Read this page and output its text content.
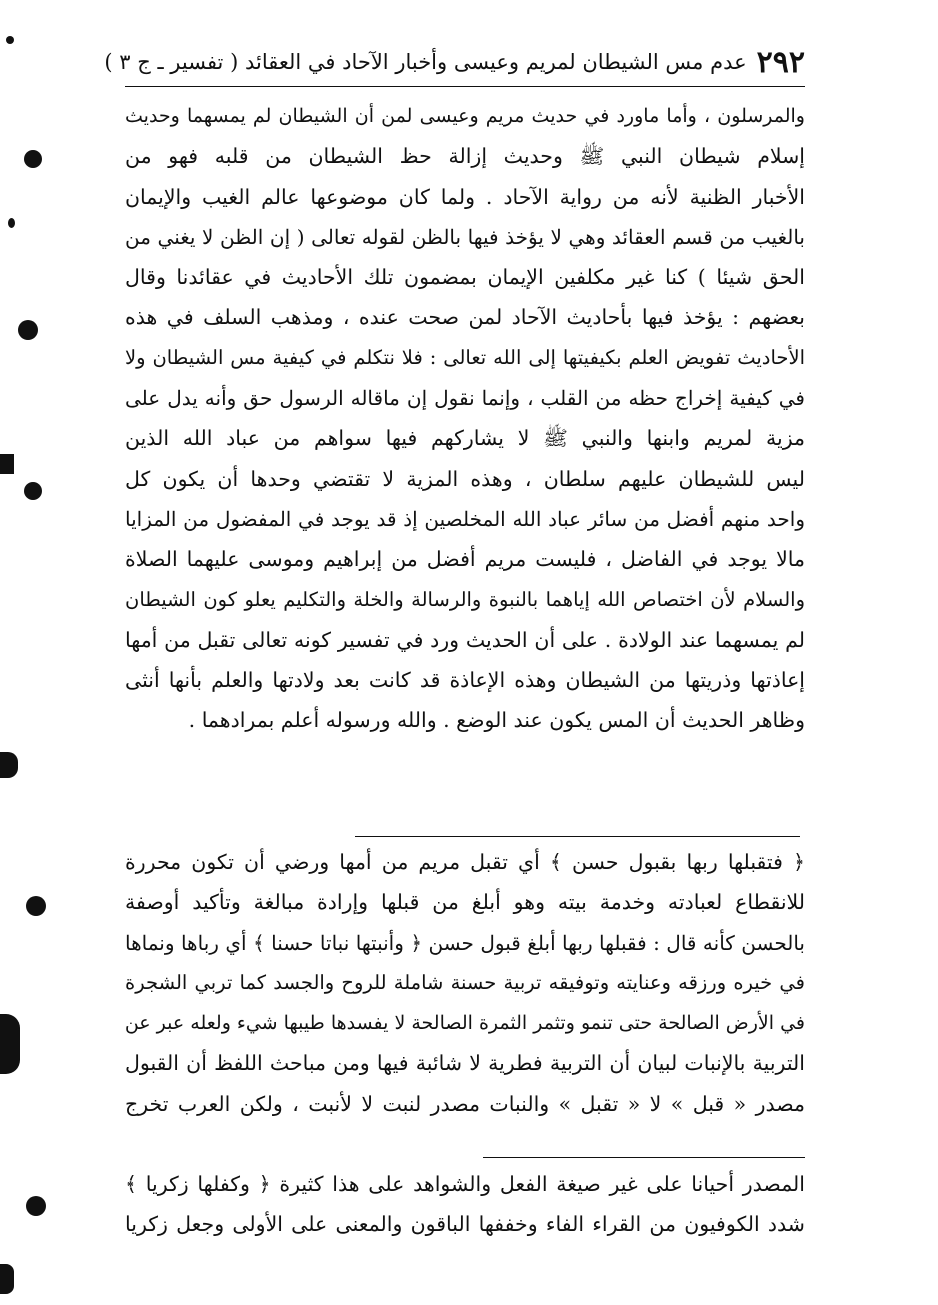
٢٩٢
عدم مس الشيطان لمريم وعيسى وأخبار الآحاد في العقائد ( تفسير ـ ج ٣ )
والمرسلون ، وأما ماورد في حديث مريم وعيسى لمن أن الشيطان لم يمسهما وحديث
إسلام شيطان النبي ﷺ وحديث إزالة حظ الشيطان من قلبه فهو من
الأخبار الظنية لأنه من رواية الآحاد . ولما كان موضوعها عالم الغيب والإيمان
بالغيب من قسم العقائد وهي لا يؤخذ فيها بالظن لقوله تعالى ( إن الظن لا يغني من
الحق شيئا ) كنا غير مكلفين الإيمان بمضمون تلك الأحاديث في عقائدنا وقال
بعضهم : يؤخذ فيها بأحاديث الآحاد لمن صحت عنده ، ومذهب السلف في هذه
الأحاديث تفويض العلم بكيفيتها إلى الله تعالى : فلا نتكلم في كيفية مس الشيطان ولا
في كيفية إخراج حظه من القلب ، وإنما نقول إن ماقاله الرسول حق وأنه يدل على
مزية لمريم وابنها والنبي ﷺ لا يشاركهم فيها سواهم من عباد الله الذين
ليس للشيطان عليهم سلطان ، وهذه المزية لا تقتضي وحدها أن يكون كل
واحد منهم أفضل من سائر عباد الله المخلصين إذ قد يوجد في المفضول من المزايا
مالا يوجد في الفاضل ، فليست مريم أفضل من إبراهيم وموسى عليهما الصلاة
والسلام لأن اختصاص الله إياهما بالنبوة والرسالة والخلة والتكليم يعلو كون الشيطان
لم يمسهما عند الولادة . على أن الحديث ورد في تفسير كونه تعالى تقبل من أمها
إعاذتها وذريتها من الشيطان وهذه الإعاذة قد كانت بعد ولادتها والعلم بأنها أنثى
وظاهر الحديث أن المس يكون عند الوضع . والله ورسوله أعلم بمرادهما .
﴿ فتقبلها ربها بقبول حسن ﴾ أي تقبل مريم من أمها ورضي أن تكون محررة
للانقطاع لعبادته وخدمة بيته وهو أبلغ من قبلها وإرادة مبالغة وتأكيد أوصفة
بالحسن كأنه قال : فقبلها ربها أبلغ قبول حسن ﴿ وأنبتها نباتا حسنا ﴾ أي رباها ونماها
في خيره ورزقه وعنايته وتوفيقه تربية حسنة شاملة للروح والجسد كما تربي الشجرة
في الأرض الصالحة حتى تنمو وتثمر الثمرة الصالحة لا يفسدها طيبها شيء ولعله عبر عن
التربية بالإنبات لبيان أن التربية فطرية لا شائبة فيها ومن مباحث اللفظ أن القبول
مصدر « قبل » لا « تقبل » والنبات مصدر لنبت لا لأنبت ، ولكن العرب تخرج
المصدر أحيانا على غير صيغة الفعل والشواهد على هذا كثيرة ﴿ وكفلها زكريا ﴾
شدد الكوفيون من القراء الفاء وخففها الباقون والمعنى على الأولى وجعل زكريا
